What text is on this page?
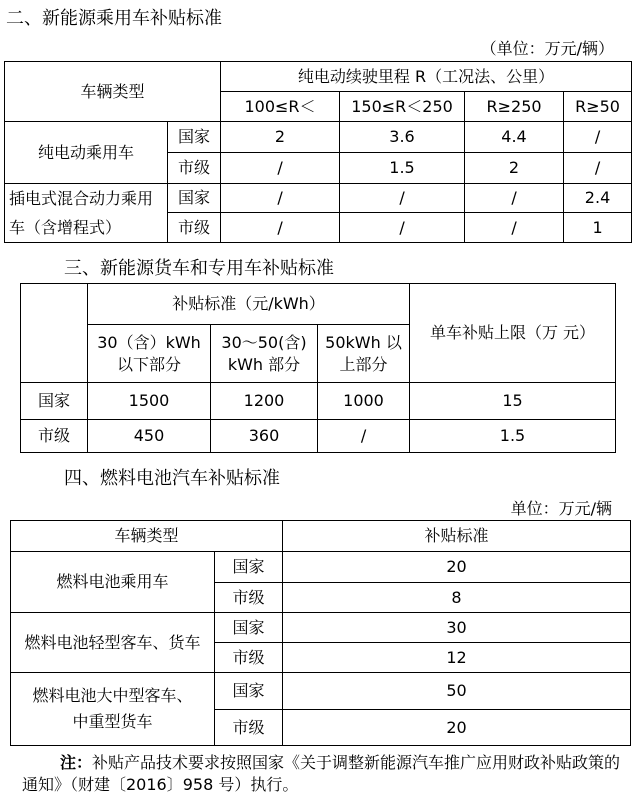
二、新能源乘用车补贴标准
（单位：万元/辆）
车辆类型		纯电动续驶里程 R（工况法、公里）			
		100≤R＜	150≤R＜250	R≥250	R≥50
纯电动乘用车	国家	2	3.6	4.4	/
	市级	/	1.5	2	/
插电式混合动力乘用车（含增程式）	国家	/	/	/	2.4
	市级	/	/	/	1
三、新能源货车和专用车补贴标准
	补贴标准（元/kWh）			单车补贴上限（万 元）
	30（含）kWh 以下部分	30～50(含) kWh 部分	50kWh 以上部分	
国家	1500	1200	1000	15
市级	450	360	/	1.5
四、燃料电池汽车补贴标准
单位：万元/辆
车辆类型		补贴标准
燃料电池乘用车	国家	20
	市级	8
燃料电池轻型客车、货车	国家	30
	市级	12
燃料电池大中型客车、中重型货车	国家	50
	市级	20
注：补贴产品技术要求按照国家《关于调整新能源汽车推广应用财政补贴政策的通知》（财建〔2016〕958 号）执行。
